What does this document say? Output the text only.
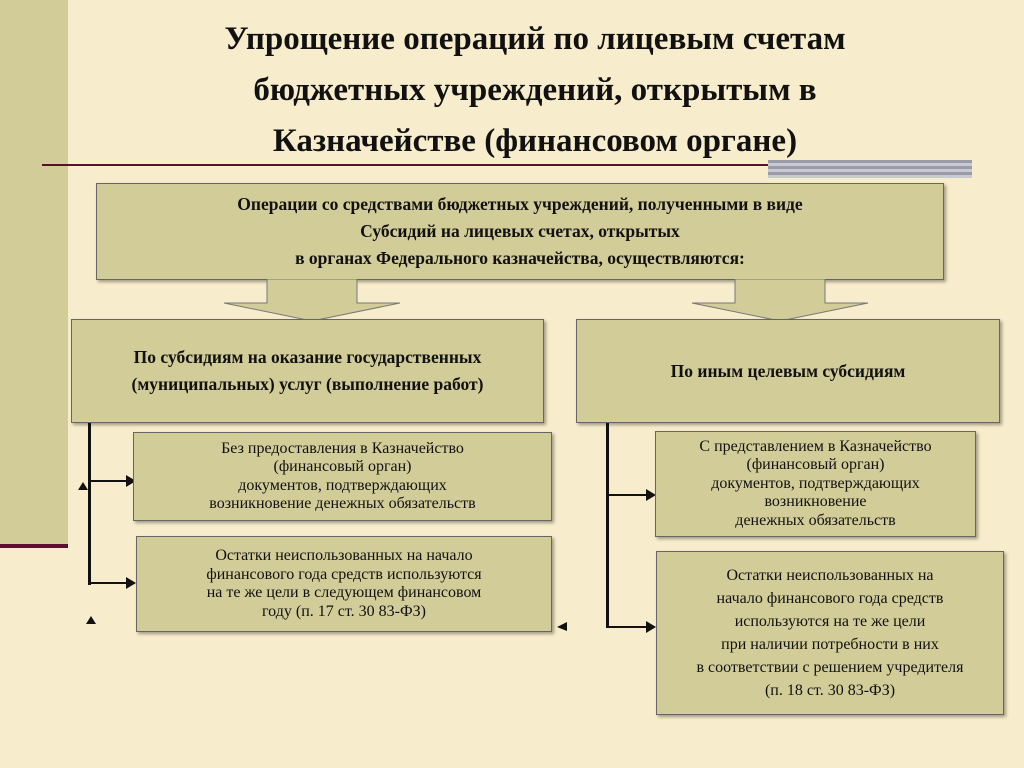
Упрощение операций по лицевым счетам
бюджетных учреждений, открытым в
Казначействе (финансовом органе)
Операции со средствами бюджетных учреждений, полученными в виде
Субсидий на лицевых счетах, открытых
в органах Федерального казначейства, осуществляются:
По субсидиям на оказание государственных
(муниципальных) услуг (выполнение работ)
По иным целевым субсидиям
Без предоставления в Казначейство
(финансовый орган)
документов, подтверждающих
возникновение денежных обязательств
Остатки неиспользованных на начало
финансового года средств используются
на те же цели в следующем финансовом
году (п. 17 ст. 30 83-ФЗ)
С представлением в Казначейство
(финансовый орган)
документов, подтверждающих
возникновение
денежных обязательств
Остатки неиспользованных на
начало финансового года средств
используются на те же цели
при наличии потребности в них
в соответствии с решением учредителя
(п. 18 ст. 30 83-ФЗ)
